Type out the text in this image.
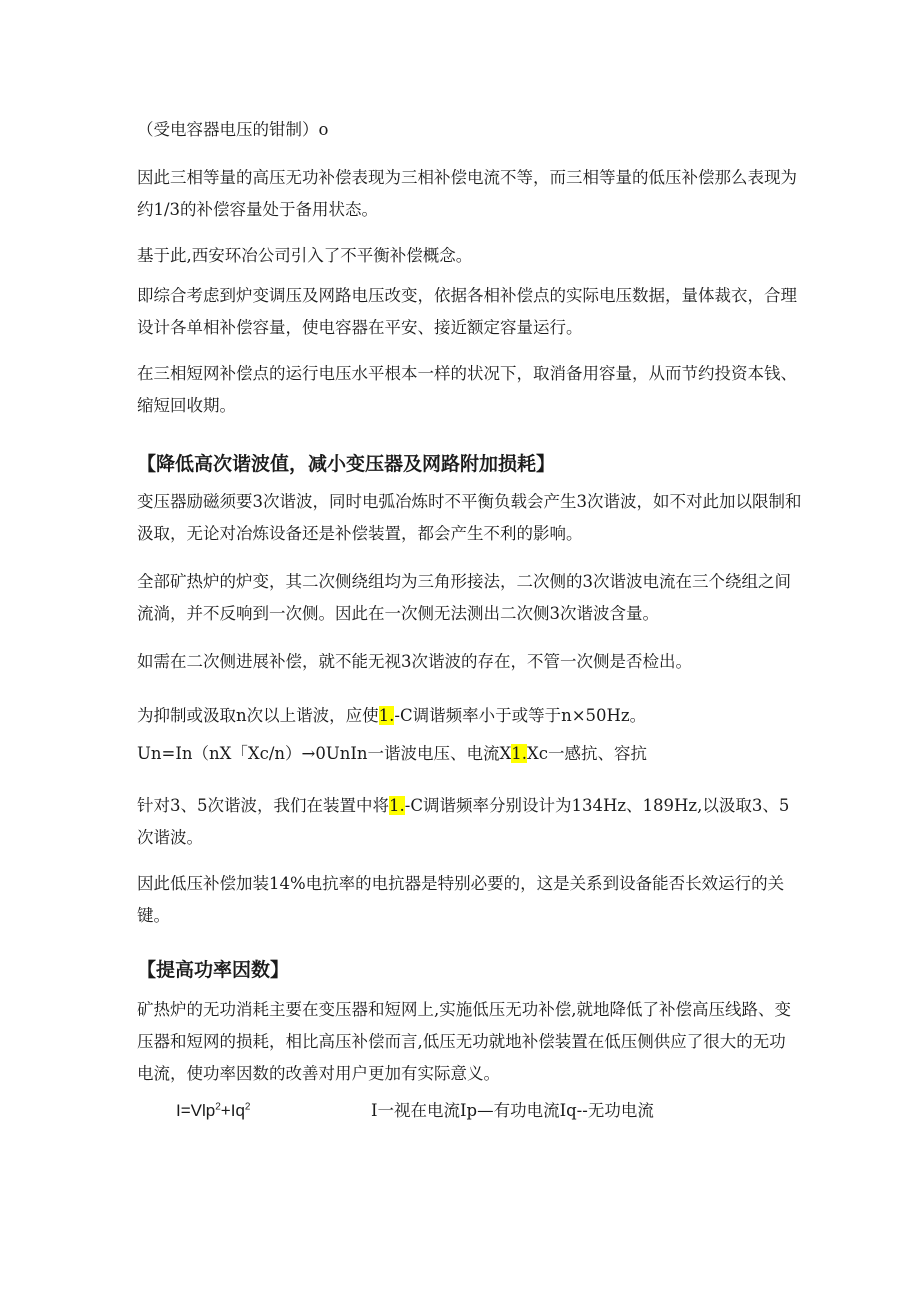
（受电容器电压的钳制）o

因此三相等量的高压无功补偿表现为三相补偿电流不等，而三相等量的低压补偿那么表现为约1/3的补偿容量处于备用状态。

基于此,西安环冶公司引入了不平衡补偿概念。

即综合考虑到炉变调压及网路电压改变，依据各相补偿点的实际电压数据，量体裁衣，合理设计各单相补偿容量，使电容器在平安、接近额定容量运行。

在三相短网补偿点的运行电压水平根本一样的状况下，取消备用容量，从而节约投资本钱、缩短回收期。

【降低高次谐波值，减小变压器及网路附加损耗】

变压器励磁须要3次谐波，同时电弧冶炼时不平衡负载会产生3次谐波，如不对此加以限制和汲取，无论对冶炼设备还是补偿装置，都会产生不利的影响。

全部矿热炉的炉变，其二次侧绕组均为三角形接法，二次侧的3次谐波电流在三个绕组之间流淌，并不反响到一次侧。因此在一次侧无法测出二次侧3次谐波含量。

如需在二次侧进展补偿，就不能无视3次谐波的存在，不管一次侧是否检出。

为抑制或汲取n次以上谐波，应使1.-C调谐频率小于或等于n×50Hz。

Un=In（nX「Xc/n）→0UnIn一谐波电压、电流X1.Xc一感抗、容抗

针对3、5次谐波，我们在装置中将1.-C调谐频率分别设计为134Hz、189Hz,以汲取3、5次谐波。

因此低压补偿加装14%电抗率的电抗器是特别必要的，这是关系到设备能否长效运行的关键。

【提高功率因数】

矿热炉的无功消耗主要在变压器和短网上,实施低压无功补偿,就地降低了补偿高压线路、变压器和短网的损耗，相比高压补偿而言,低压无功就地补偿装置在低压侧供应了很大的无功电流，使功率因数的改善对用户更加有实际意义。

$I=Vlp^2+Iq^2$	I一视在电流Ip—有功电流Iq--无功电流
